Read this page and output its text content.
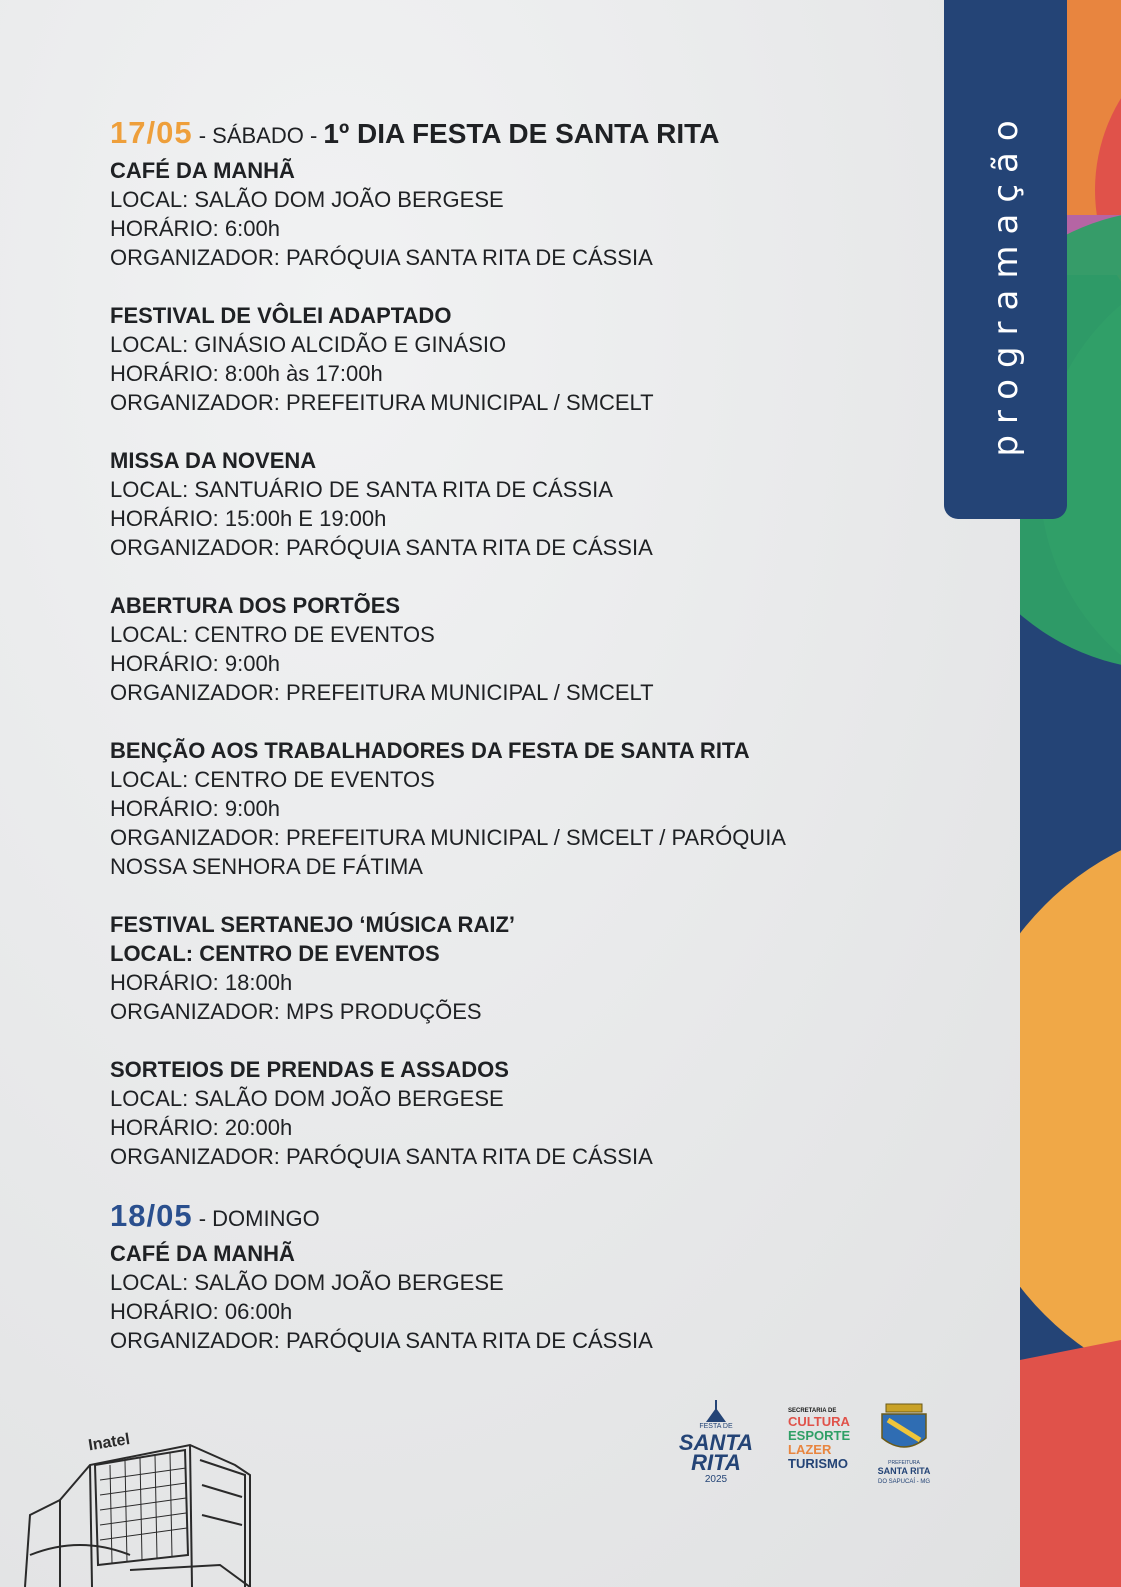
programação
17/05 - SÁBADO - 1º DIA FESTA DE SANTA RITA
CAFÉ DA MANHÃ
LOCAL: SALÃO DOM JOÃO BERGESE
HORÁRIO: 6:00h
ORGANIZADOR: PARÓQUIA SANTA RITA DE CÁSSIA
FESTIVAL DE VÔLEI ADAPTADO
LOCAL: GINÁSIO ALCIDÃO E GINÁSIO
HORÁRIO: 8:00h às 17:00h
ORGANIZADOR: PREFEITURA MUNICIPAL / SMCELT
MISSA DA NOVENA
LOCAL: SANTUÁRIO DE SANTA RITA DE CÁSSIA
HORÁRIO: 15:00h E 19:00h
ORGANIZADOR: PARÓQUIA SANTA RITA DE CÁSSIA
ABERTURA DOS PORTÕES
LOCAL: CENTRO DE EVENTOS
HORÁRIO: 9:00h
ORGANIZADOR: PREFEITURA MUNICIPAL / SMCELT
BENÇÃO AOS TRABALHADORES DA FESTA DE SANTA RITA
LOCAL: CENTRO DE EVENTOS
HORÁRIO: 9:00h
ORGANIZADOR: PREFEITURA MUNICIPAL / SMCELT / PARÓQUIA
NOSSA SENHORA DE FÁTIMA
FESTIVAL SERTANEJO ‘MÚSICA RAIZ’
LOCAL: CENTRO DE EVENTOS
HORÁRIO: 18:00h
ORGANIZADOR: MPS PRODUÇÕES
SORTEIOS DE PRENDAS E ASSADOS
LOCAL: SALÃO DOM JOÃO BERGESE
HORÁRIO: 20:00h
ORGANIZADOR: PARÓQUIA SANTA RITA DE CÁSSIA
18/05 - DOMINGO
CAFÉ DA MANHÃ
LOCAL: SALÃO DOM JOÃO BERGESE
HORÁRIO: 06:00h
ORGANIZADOR: PARÓQUIA SANTA RITA DE CÁSSIA
Inatel
FESTA DE
SANTA
RITA
2025
SECRETARIA DE
CULTURA
ESPORTE
LAZER
TURISMO	PREFEITURA
SANTA RITA
DO SAPUCAÍ - MG
